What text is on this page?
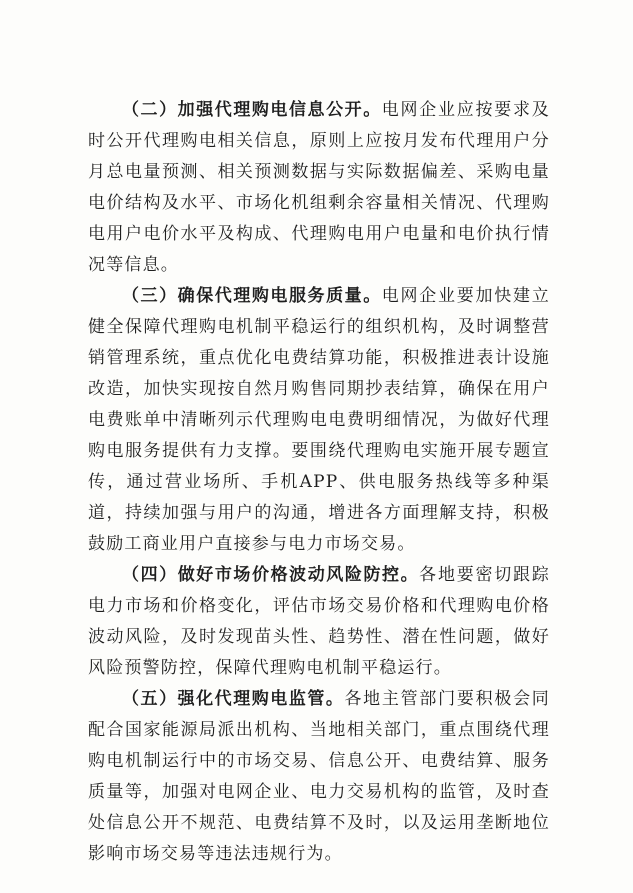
（二）加强代理购电信息公开。电网企业应按要求及时公开代理购电相关信息，原则上应按月发布代理用户分月总电量预测、相关预测数据与实际数据偏差、采购电量电价结构及水平、市场化机组剩余容量相关情况、代理购电用户电价水平及构成、代理购电用户电量和电价执行情况等信息。

（三）确保代理购电服务质量。电网企业要加快建立健全保障代理购电机制平稳运行的组织机构，及时调整营销管理系统，重点优化电费结算功能，积极推进表计设施改造，加快实现按自然月购售同期抄表结算，确保在用户电费账单中清晰列示代理购电电费明细情况，为做好代理购电服务提供有力支撑。要围绕代理购电实施开展专题宣传，通过营业场所、手机APP、供电服务热线等多种渠道，持续加强与用户的沟通，增进各方面理解支持，积极鼓励工商业用户直接参与电力市场交易。

（四）做好市场价格波动风险防控。各地要密切跟踪电力市场和价格变化，评估市场交易价格和代理购电价格波动风险，及时发现苗头性、趋势性、潜在性问题，做好风险预警防控，保障代理购电机制平稳运行。

（五）强化代理购电监管。各地主管部门要积极会同配合国家能源局派出机构、当地相关部门，重点围绕代理购电机制运行中的市场交易、信息公开、电费结算、服务质量等，加强对电网企业、电力交易机构的监管，及时查处信息公开不规范、电费结算不及时，以及运用垄断地位影响市场交易等违法违规行为。
